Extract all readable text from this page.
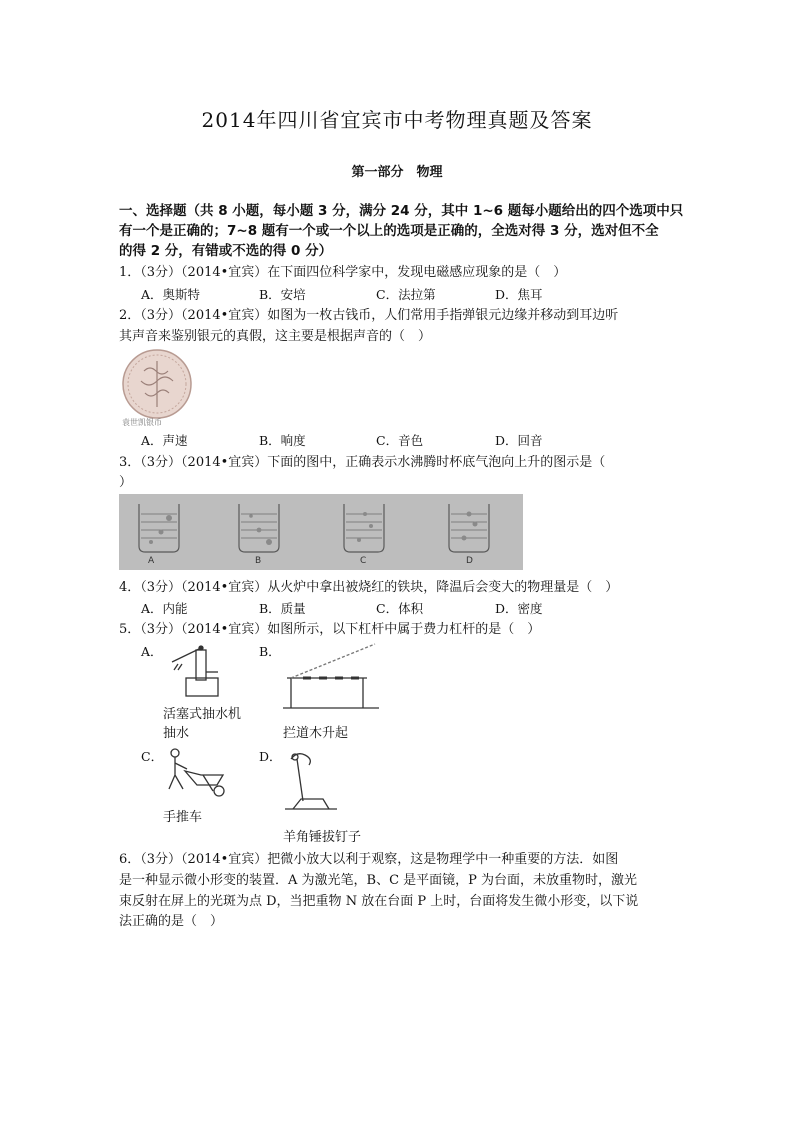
2014年四川省宜宾市中考物理真题及答案
第一部分　物理
一、选择题（共 8 小题，每小题 3 分，满分 24 分，其中 1~6 题每小题给出的四个选项中只
有一个是正确的；7~8 题有一个或一个以上的选项是正确的，全选对得 3 分，选对但不全
的得 2 分，有错或不选的得 0 分）
1．（3分）（2014•宜宾）在下面四位科学家中，发现电磁感应现象的是（　）
A．奥斯特	B．安培	C．法拉第	D．焦耳
2．（3分）（2014•宜宾）如图为一枚古钱币，人们常用手指弹银元边缘并移动到耳边听
其声音来鉴别银元的真假，这主要是根据声音的（　）
袁世凯银币
A．声速	B．响度	C．音色	D．回音
3．（3分）（2014•宜宾）下面的图中，正确表示水沸腾时杯底气泡向上升的图示是（
）
A	B	C	D
4．（3分）（2014•宜宾）从火炉中拿出被烧红的铁块，降温后会变大的物理量是（　）
A．内能	B．质量	C．体积	D．密度
5．（3分）（2014•宜宾）如图所示，以下杠杆中属于费力杠杆的是（　）
A．	B．
活塞式抽水机
抽水	拦道木升起
C．	D．
手推车
羊角锤拔钉子
6．（3分）（2014•宜宾）把微小放大以利于观察，这是物理学中一种重要的方法．如图
是一种显示微小形变的装置．A 为激光笔，B、C 是平面镜，P 为台面，未放重物时，激光
束反射在屏上的光斑为点 D，当把重物 N 放在台面 P 上时，台面将发生微小形变，以下说
法正确的是（　）
